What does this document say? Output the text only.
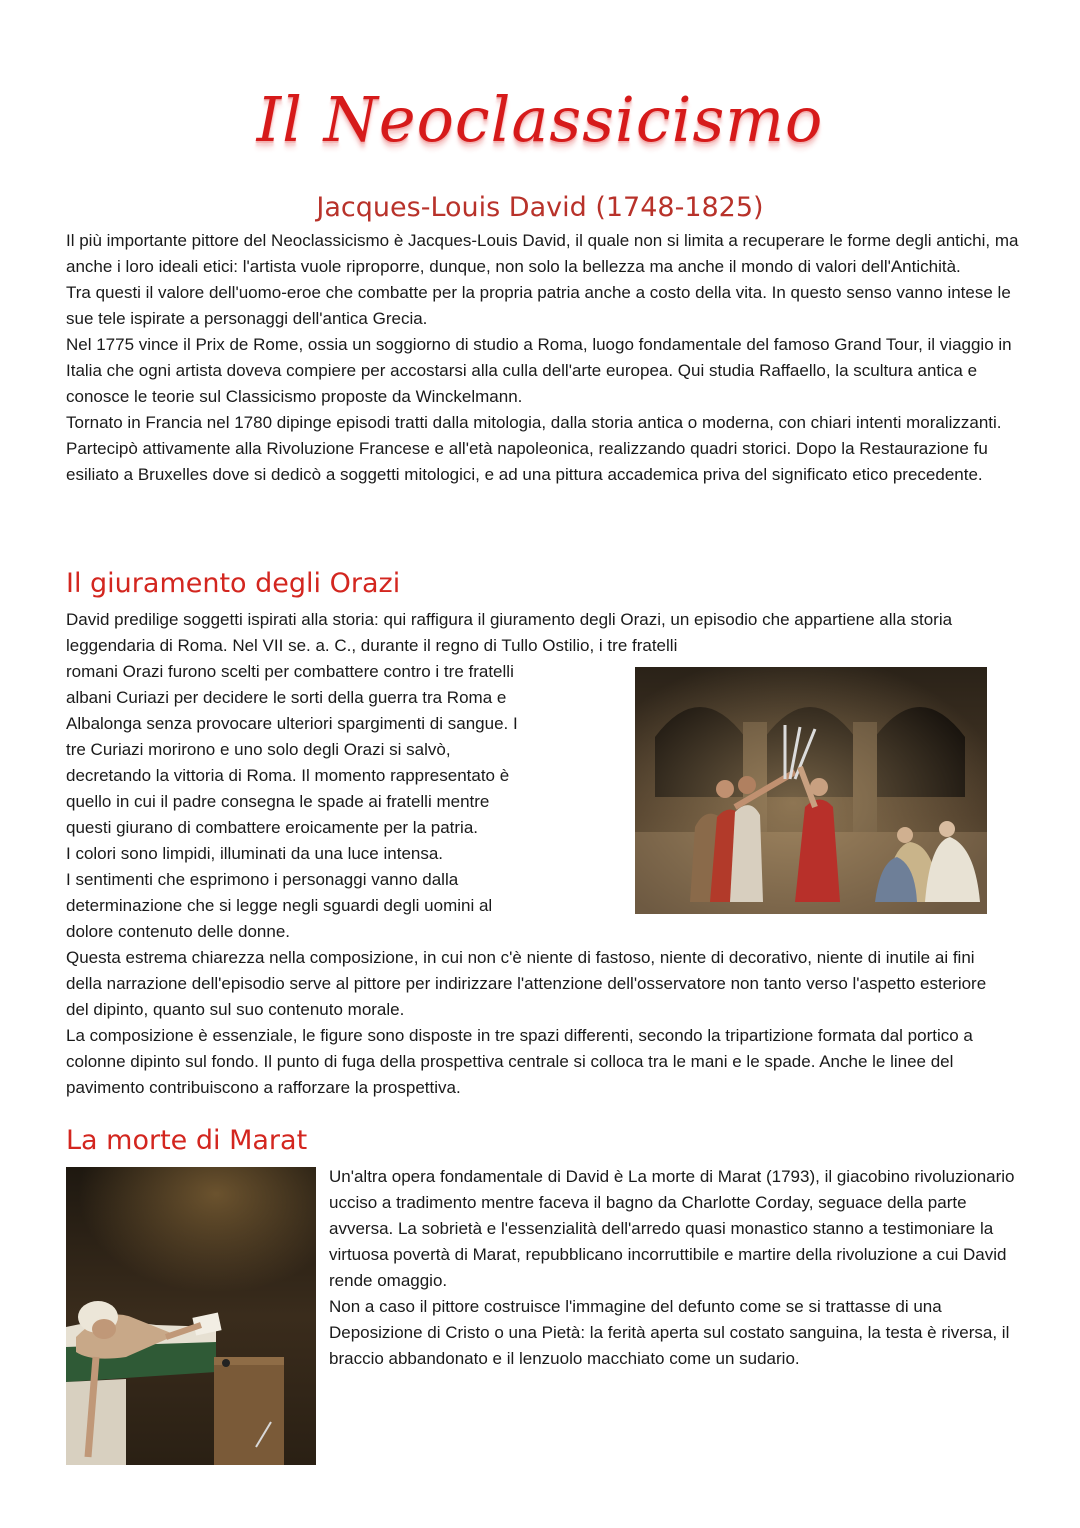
Il Neoclassicismo
Jacques-Louis David (1748-1825)

Il più importante pittore del Neoclassicismo è Jacques-Louis David, il quale non si limita a recuperare le forme degli antichi, ma anche i loro ideali etici: l'artista vuole riproporre, dunque, non solo la bellezza ma anche il mondo di valori dell'Antichità.

Tra questi il valore dell'uomo-eroe che combatte per la propria patria anche a costo della vita. In questo senso vanno intese le sue tele ispirate a personaggi dell'antica Grecia.

Nel 1775 vince il Prix de Rome, ossia un soggiorno di studio a Roma, luogo fondamentale del famoso Grand Tour, il viaggio in Italia che ogni artista doveva compiere per accostarsi alla culla dell'arte europea. Qui studia Raffaello, la scultura antica e conosce le teorie sul Classicismo proposte da Winckelmann.

Tornato in Francia nel 1780 dipinge episodi tratti dalla mitologia, dalla storia antica o moderna, con chiari intenti moralizzanti. Partecipò attivamente alla Rivoluzione Francese e all'età napoleonica, realizzando quadri storici. Dopo la Restaurazione fu esiliato a Bruxelles dove si dedicò a soggetti mitologici, e ad una pittura accademica priva del significato etico precedente.

Il giuramento degli Orazi

David predilige soggetti ispirati alla storia: qui raffigura il giuramento degli Orazi, un episodio che appartiene alla storia leggendaria di Roma. Nel VII se. a. C., durante il regno di Tullo Ostilio, i tre fratelli

romani Orazi furono scelti per combattere contro i tre fratelli

albani Curiazi per decidere le sorti della guerra tra Roma e

Albalonga senza provocare ulteriori spargimenti di sangue. I

tre Curiazi morirono e uno solo degli Orazi si salvò,

decretando la vittoria di Roma. Il momento rappresentato è

quello in cui il padre consegna le spade ai fratelli mentre

questi giurano di combattere eroicamente per la patria.

I colori sono limpidi, illuminati da una luce intensa.

I sentimenti che esprimono i personaggi vanno dalla

determinazione che si legge negli sguardi degli uomini al

dolore contenuto delle donne.

Questa estrema chiarezza nella composizione, in cui non c'è niente di fastoso, niente di decorativo, niente di inutile ai fini della narrazione dell'episodio serve al pittore per indirizzare l'attenzione dell'osservatore non tanto verso l'aspetto esteriore del dipinto, quanto sul suo contenuto morale.

La composizione è essenziale, le figure sono disposte in tre spazi differenti, secondo la tripartizione formata dal portico a colonne dipinto sul fondo. Il punto di fuga della prospettiva centrale si colloca tra le mani e le spade. Anche le linee del pavimento contribuiscono a rafforzare la prospettiva.

La morte di Marat

Un'altra opera fondamentale di David è La morte di Marat (1793), il giacobino rivoluzionario ucciso a tradimento mentre faceva il bagno da Charlotte Corday, seguace della parte avversa. La sobrietà e l'essenzialità dell'arredo quasi monastico stanno a testimoniare la virtuosa povertà di Marat, repubblicano incorruttibile e martire della rivoluzione a cui David rende omaggio.

Non a caso il pittore costruisce l'immagine del defunto come se si trattasse di una Deposizione di Cristo o una Pietà: la ferità aperta sul costato sanguina, la testa è riversa, il braccio abbandonato e il lenzuolo macchiato come un sudario.
